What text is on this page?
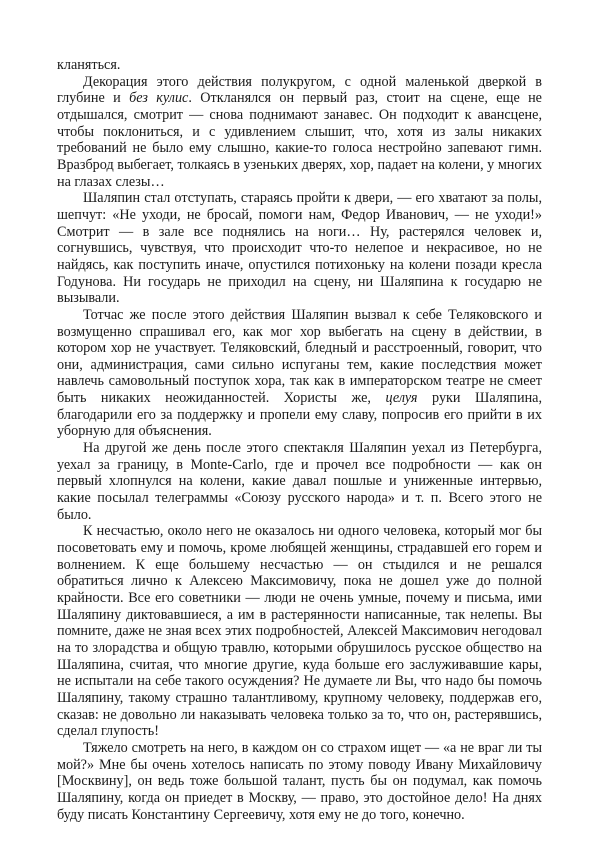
кланяться.

Декорация этого действия полукругом, с одной маленькой дверкой в глубине и без кулис. Откланялся он первый раз, стоит на сцене, еще не отдышался, смотрит — снова поднимают занавес. Он подходит к авансцене, чтобы поклониться, и с удивлением слышит, что, хотя из залы никаких требований не было ему слышно, какие-то голоса нестройно запевают гимн. Вразброд выбегает, толкаясь в узеньких дверях, хор, падает на колени, у многих на глазах слезы…

Шаляпин стал отступать, стараясь пройти к двери, — его хватают за полы, шепчут: «Не уходи, не бросай, помоги нам, Федор Иванович, — не уходи!» Смотрит — в зале все поднялись на ноги… Ну, растерялся человек и, согнувшись, чувствуя, что происходит что-то нелепое и некрасивое, но не найдясь, как поступить иначе, опустился потихоньку на колени позади кресла Годунова. Ни государь не приходил на сцену, ни Шаляпина к государю не вызывали.

Тотчас же после этого действия Шаляпин вызвал к себе Теляковского и возмущенно спрашивал его, как мог хор выбегать на сцену в действии, в котором хор не участвует. Теляковский, бледный и расстроенный, говорит, что они, администрация, сами сильно испуганы тем, какие последствия может навлечь самовольный поступок хора, так как в императорском театре не смеет быть никаких неожиданностей. Хористы же, целуя руки Шаляпина, благодарили его за поддержку и пропели ему славу, попросив его прийти в их уборную для объяснения.

На другой же день после этого спектакля Шаляпин уехал из Петербурга, уехал за границу, в Monte-Carlo, где и прочел все подробности — как он первый хлопнулся на колени, какие давал пошлые и униженные интервью, какие посылал телеграммы «Союзу русского народа» и т. п. Всего этого не было.

К несчастью, около него не оказалось ни одного человека, который мог бы посоветовать ему и помочь, кроме любящей женщины, страдавшей его горем и волнением. К еще большему несчастью — он стыдился и не решался обратиться лично к Алексею Максимовичу, пока не дошел уже до полной крайности. Все его советники — люди не очень умные, почему и письма, ими Шаляпину диктовавшиеся, а им в растерянности написанные, так нелепы. Вы помните, даже не зная всех этих подробностей, Алексей Максимович негодовал на то злорадства и общую травлю, которыми обрушилось русское общество на Шаляпина, считая, что многие другие, куда больше его заслуживавшие кары, не испытали на себе такого осуждения? Не думаете ли Вы, что надо бы помочь Шаляпину, такому страшно талантливому, крупному человеку, поддержав его, сказав: не довольно ли наказывать человека только за то, что он, растерявшись, сделал глупость!

Тяжело смотреть на него, в каждом он со страхом ищет — «а не враг ли ты мой?» Мне бы очень хотелось написать по этому поводу Ивану Михайловичу [Москвину], он ведь тоже большой талант, пусть бы он подумал, как помочь Шаляпину, когда он приедет в Москву, — право, это достойное дело! На днях буду писать Константину Сергеевичу, хотя ему не до того, конечно.
